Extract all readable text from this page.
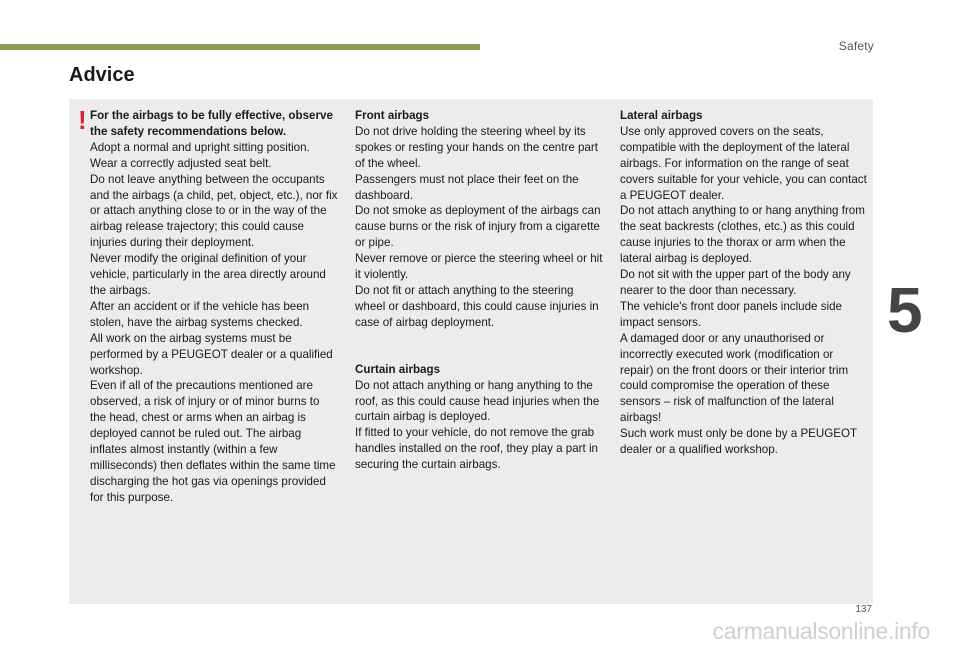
Safety
Advice
! For the airbags to be fully effective, observe the safety recommendations below.

Adopt a normal and upright sitting position.

Wear a correctly adjusted seat belt.

Do not leave anything between the occupants and the airbags (a child, pet, object, etc.), nor fix or attach anything close to or in the way of the airbag release trajectory; this could cause injuries during their deployment.

Never modify the original definition of your vehicle, particularly in the area directly around the airbags.

After an accident or if the vehicle has been stolen, have the airbag systems checked.

All work on the airbag systems must be performed by a PEUGEOT dealer or a qualified workshop.

Even if all of the precautions mentioned are observed, a risk of injury or of minor burns to the head, chest or arms when an airbag is deployed cannot be ruled out. The airbag inflates almost instantly (within a few milliseconds) then deflates within the same time discharging the hot gas via openings provided for this purpose.

Front airbags

Do not drive holding the steering wheel by its spokes or resting your hands on the centre part of the wheel.

Passengers must not place their feet on the dashboard.

Do not smoke as deployment of the airbags can cause burns or the risk of injury from a cigarette or pipe.

Never remove or pierce the steering wheel or hit it violently.

Do not fit or attach anything to the steering wheel or dashboard, this could cause injuries in case of airbag deployment.

Curtain airbags

Do not attach anything or hang anything to the roof, as this could cause head injuries when the curtain airbag is deployed.

If fitted to your vehicle, do not remove the grab handles installed on the roof, they play a part in securing the curtain airbags.

Lateral airbags

Use only approved covers on the seats, compatible with the deployment of the lateral airbags. For information on the range of seat covers suitable for your vehicle, you can contact a PEUGEOT dealer.

Do not attach anything to or hang anything from the seat backrests (clothes, etc.) as this could cause injuries to the thorax or arm when the lateral airbag is deployed.

Do not sit with the upper part of the body any nearer to the door than necessary.

The vehicle's front door panels include side impact sensors.

A damaged door or any unauthorised or incorrectly executed work (modification or repair) on the front doors or their interior trim could compromise the operation of these sensors – risk of malfunction of the lateral airbags!

Such work must only be done by a PEUGEOT dealer or a qualified workshop.

5
137
carmanualsonline.info
